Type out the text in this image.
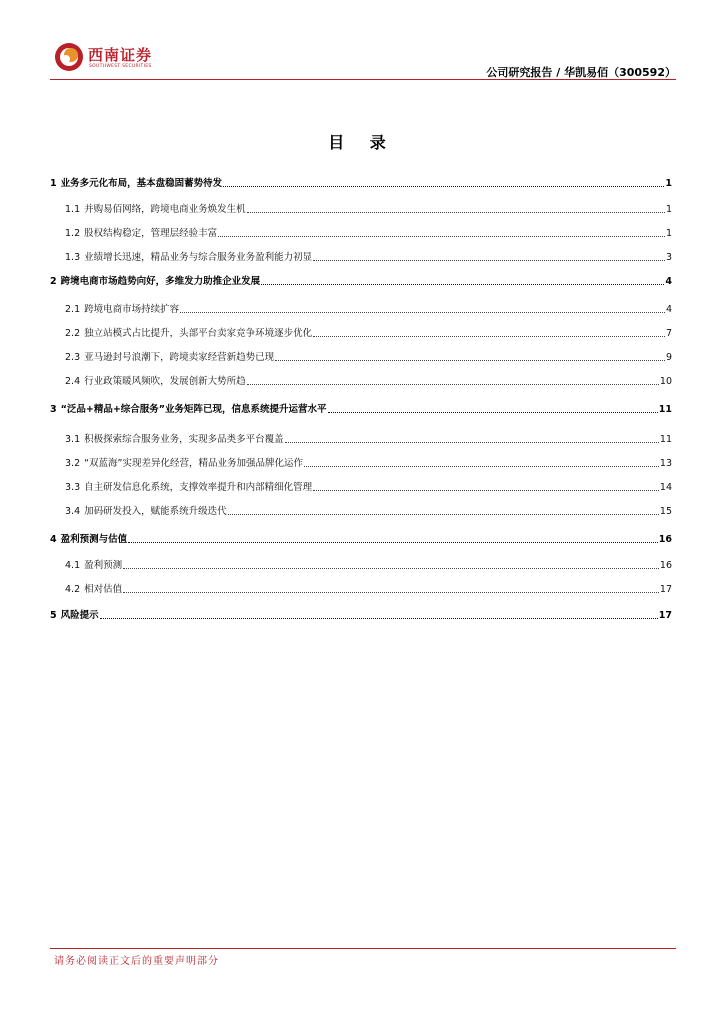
西南证券
SOUTHWEST SECURITIES	公司研究报告 / 华凯易佰（300592）
目 录
1 业务多元化布局，基本盘稳固蓄势待发	1
1.1 并购易佰网络，跨境电商业务焕发生机	1
1.2 股权结构稳定，管理层经验丰富	1
1.3 业绩增长迅速，精品业务与综合服务业务盈利能力初显	3
2 跨境电商市场趋势向好，多维发力助推企业发展	4
2.1 跨境电商市场持续扩容	4
2.2 独立站模式占比提升，头部平台卖家竞争环境逐步优化	7
2.3 亚马逊封号浪潮下，跨境卖家经营新趋势已现	9
2.4 行业政策暖风频吹，发展创新大势所趋	10
3 “泛品+精品+综合服务”业务矩阵已现，信息系统提升运营水平	11
3.1 积极探索综合服务业务，实现多品类多平台覆盖	11
3.2 “双蓝海”实现差异化经营，精品业务加强品牌化运作	13
3.3 自主研发信息化系统，支撑效率提升和内部精细化管理	14
3.4 加码研发投入，赋能系统升级迭代	15
4 盈利预测与估值	16
4.1 盈利预测	16
4.2 相对估值	17
5 风险提示	17
请务必阅读正文后的重要声明部分
